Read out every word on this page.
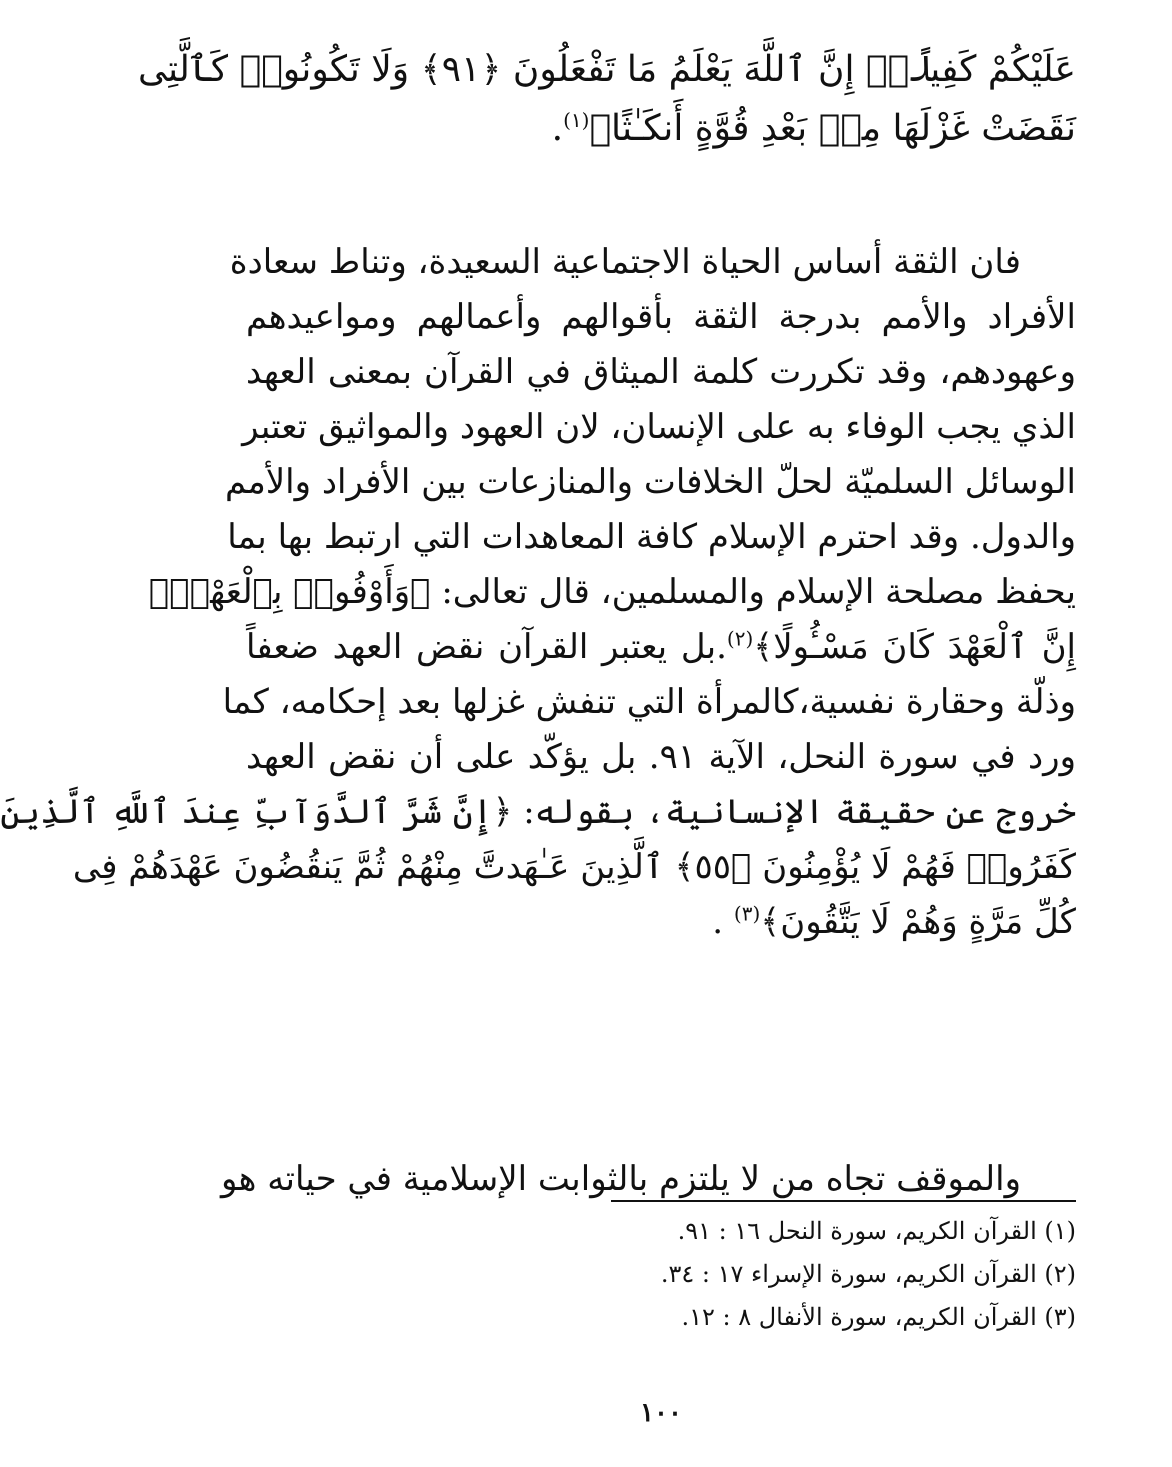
عَلَيْكُمْ كَفِيلًاۚ إِنَّ ٱللَّهَ يَعْلَمُ مَا تَفْعَلُونَ ﴿٩١﴾ وَلَا تَكُونُوا۟ كَٱلَّتِى
نَقَضَتْ غَزْلَهَا مِنۢ بَعْدِ قُوَّةٍ أَنكَـٰثًا﴾$^{(١)}$.
فان الثقة أساس الحياة الاجتماعية السعيدة، وتناط سعادة
الأفراد والأمم بدرجة الثقة بأقوالهم وأعمالهم ومواعيدهم
وعهودهم، وقد تكررت كلمة الميثاق في القرآن بمعنى العهد
الذي يجب الوفاء به على الإنسان، لان العهود والمواثيق تعتبر
الوسائل السلميّة لحلّ الخلافات والمنازعات بين الأفراد والأمم
والدول. وقد احترم الإسلام كافة المعاهدات التي ارتبط بها بما
يحفظ مصلحة الإسلام والمسلمين، قال تعالى: ﴿وَأَوْفُوا۟ بِٱلْعَهْدِۖ
إِنَّ ٱلْعَهْدَ كَانَ مَسْـُٔولًا﴾$^{(٢)}$.بل يعتبر القرآن نقض العهد ضعفاً
وذلّة وحقارة نفسية،كالمرأة التي تنفش غزلها بعد إحكامه، كما
ورد في سورة النحل، الآية ٩١. بل يؤكّد على أن نقض العهد
خروج عن حقيقة الإنسانية، بقوله: ﴿إِنَّ شَرَّ ٱلدَّوَآبِّ عِندَ ٱللَّهِ ٱلَّذِينَ
كَفَرُوا۟ فَهُمْ لَا يُؤْمِنُونَ ﴿٥٥﴾ ٱلَّذِينَ عَـٰهَدتَّ مِنْهُمْ ثُمَّ يَنقُضُونَ عَهْدَهُمْ فِى
كُلِّ مَرَّةٍ وَهُمْ لَا يَتَّقُونَ﴾$^{(٣)}$ .
والموقف تجاه من لا يلتزم بالثوابت الإسلامية في حياته هو
(١) القرآن الكريم، سورة النحل ١٦ : ٩١.
(٢) القرآن الكريم، سورة الإسراء ١٧ : ٣٤.
(٣) القرآن الكريم، سورة الأنفال ٨ : ١٢.
١٠٠
